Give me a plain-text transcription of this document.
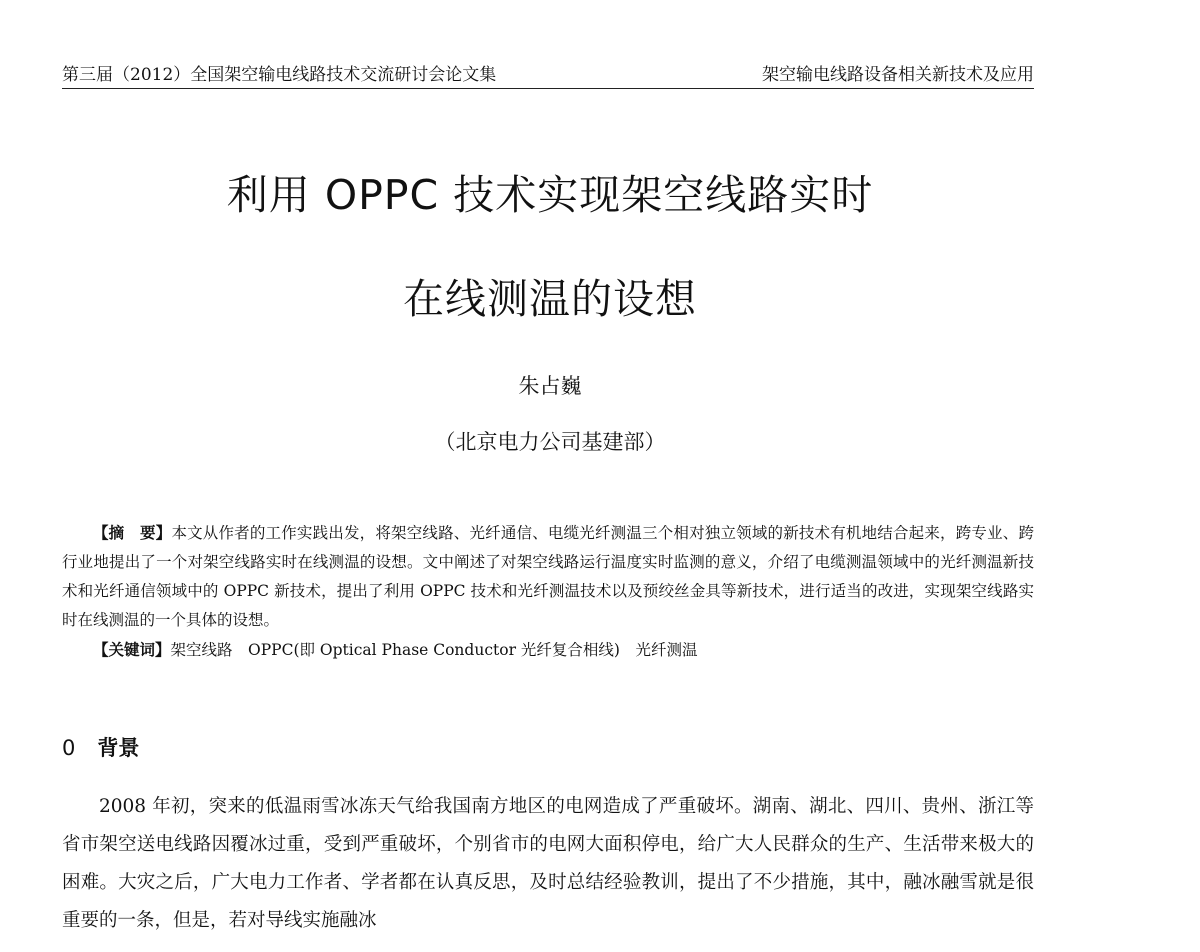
第三届（2012）全国架空输电线路技术交流研讨会论文集	架空输电线路设备相关新技术及应用
利用 OPPC 技术实现架空线路实时
在线测温的设想
朱占巍
（北京电力公司基建部）

【摘　要】本文从作者的工作实践出发，将架空线路、光纤通信、电缆光纤测温三个相对独立领域的新技术有机地结合起来，跨专业、跨行业地提出了一个对架空线路实时在线测温的设想。文中阐述了对架空线路运行温度实时监测的意义，介绍了电缆测温领域中的光纤测温新技术和光纤通信领域中的 OPPC 新技术，提出了利用 OPPC 技术和光纤测温技术以及预绞丝金具等新技术，进行适当的改进，实现架空线路实时在线测温的一个具体的设想。

【关键词】架空线路　OPPC(即 Optical Phase Conductor 光纤复合相线)　光纤测温

0 背景

2008 年初，突来的低温雨雪冰冻天气给我国南方地区的电网造成了严重破坏。湖南、湖北、四川、贵州、浙江等省市架空送电线路因覆冰过重，受到严重破坏，个别省市的电网大面积停电，给广大人民群众的生产、生活带来极大的困难。大灾之后，广大电力工作者、学者都在认真反思，及时总结经验教训，提出了不少措施，其中，融冰融雪就是很重要的一条，但是，若对导线实施融冰
